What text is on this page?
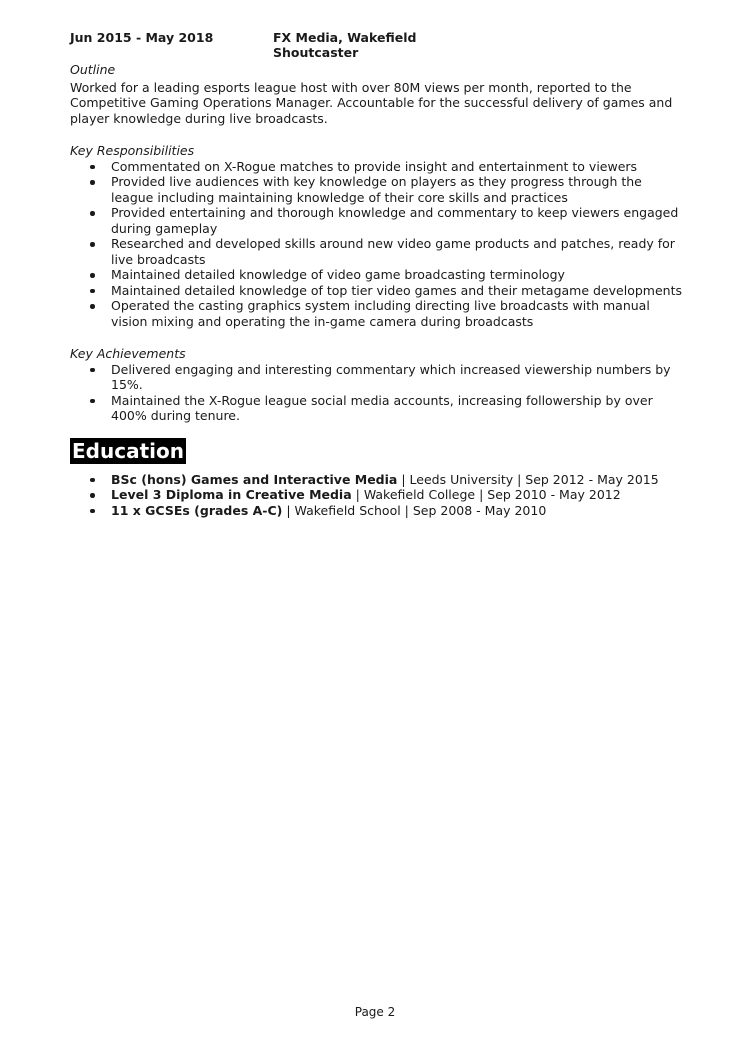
Jun 2015 - May 2018	FX Media, Wakefield
Shoutcaster
Outline

Worked for a leading esports league host with over 80M views per month, reported to the Competitive Gaming Operations Manager. Accountable for the successful delivery of games and player knowledge during live broadcasts.

Key Responsibilities
Commentated on X-Rogue matches to provide insight and entertainment to viewers
Provided live audiences with key knowledge on players as they progress through the league including maintaining knowledge of their core skills and practices
Provided entertaining and thorough knowledge and commentary to keep viewers engaged during gameplay
Researched and developed skills around new video game products and patches, ready for live broadcasts
Maintained detailed knowledge of video game broadcasting terminology
Maintained detailed knowledge of top tier video games and their metagame developments
Operated the casting graphics system including directing live broadcasts with manual vision mixing and operating the in-game camera during broadcasts
Key Achievements
Delivered engaging and interesting commentary which increased viewership numbers by 15%.
Maintained the X-Rogue league social media accounts, increasing followership by over 400% during tenure.
Education
BSc (hons) Games and Interactive Media | Leeds University | Sep 2012 - May 2015
Level 3 Diploma in Creative Media | Wakefield College | Sep 2010 - May 2012
11 x GCSEs (grades A-C) | Wakefield School | Sep 2008 - May 2010
Page 2
